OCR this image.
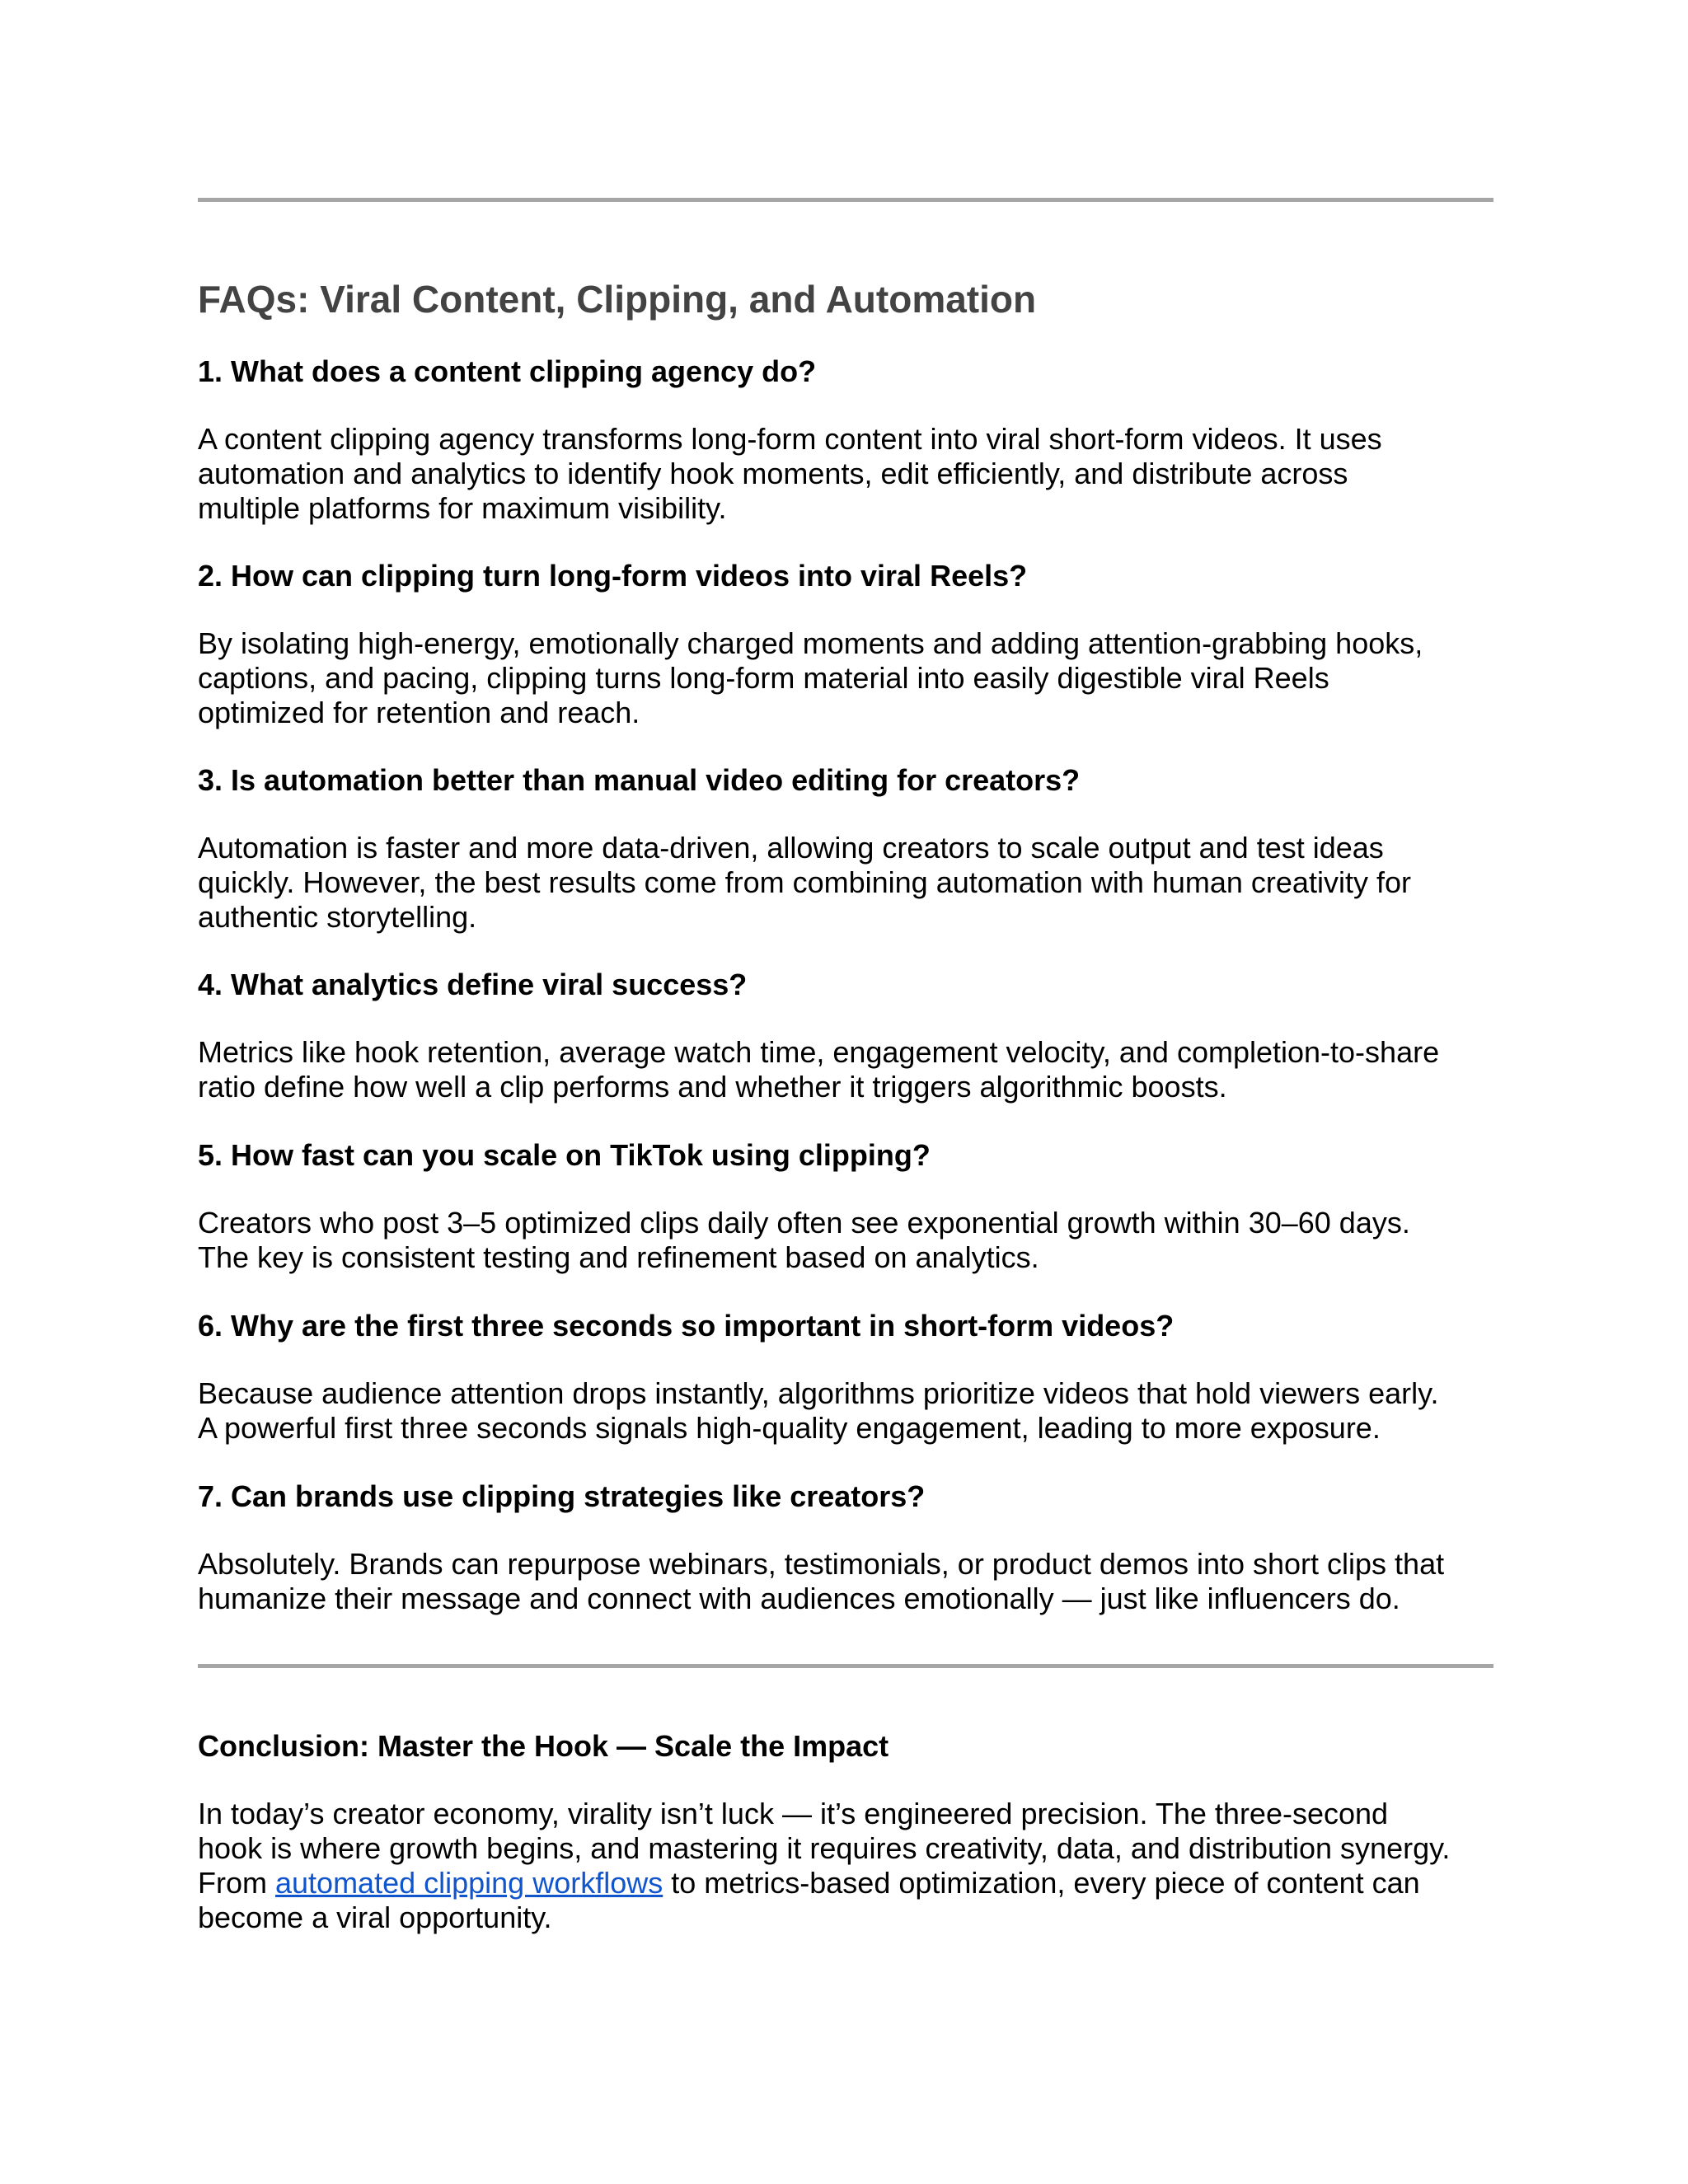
FAQs: Viral Content, Clipping, and Automation

1. What does a content clipping agency do?

A content clipping agency transforms long-form content into viral short-form videos. It uses
automation and analytics to identify hook moments, edit efficiently, and distribute across
multiple platforms for maximum visibility.

2. How can clipping turn long-form videos into viral Reels?

By isolating high-energy, emotionally charged moments and adding attention-grabbing hooks,
captions, and pacing, clipping turns long-form material into easily digestible viral Reels
optimized for retention and reach.

3. Is automation better than manual video editing for creators?

Automation is faster and more data-driven, allowing creators to scale output and test ideas
quickly. However, the best results come from combining automation with human creativity for
authentic storytelling.

4. What analytics define viral success?

Metrics like hook retention, average watch time, engagement velocity, and completion-to-share
ratio define how well a clip performs and whether it triggers algorithmic boosts.

5. How fast can you scale on TikTok using clipping?

Creators who post 3–5 optimized clips daily often see exponential growth within 30–60 days.
The key is consistent testing and refinement based on analytics.

6. Why are the first three seconds so important in short-form videos?

Because audience attention drops instantly, algorithms prioritize videos that hold viewers early.
A powerful first three seconds signals high-quality engagement, leading to more exposure.

7. Can brands use clipping strategies like creators?

Absolutely. Brands can repurpose webinars, testimonials, or product demos into short clips that
humanize their message and connect with audiences emotionally — just like influencers do.

Conclusion: Master the Hook — Scale the Impact

In today’s creator economy, virality isn’t luck — it’s engineered precision. The three-second
hook is where growth begins, and mastering it requires creativity, data, and distribution synergy.
From automated clipping workflows to metrics-based optimization, every piece of content can
become a viral opportunity.
